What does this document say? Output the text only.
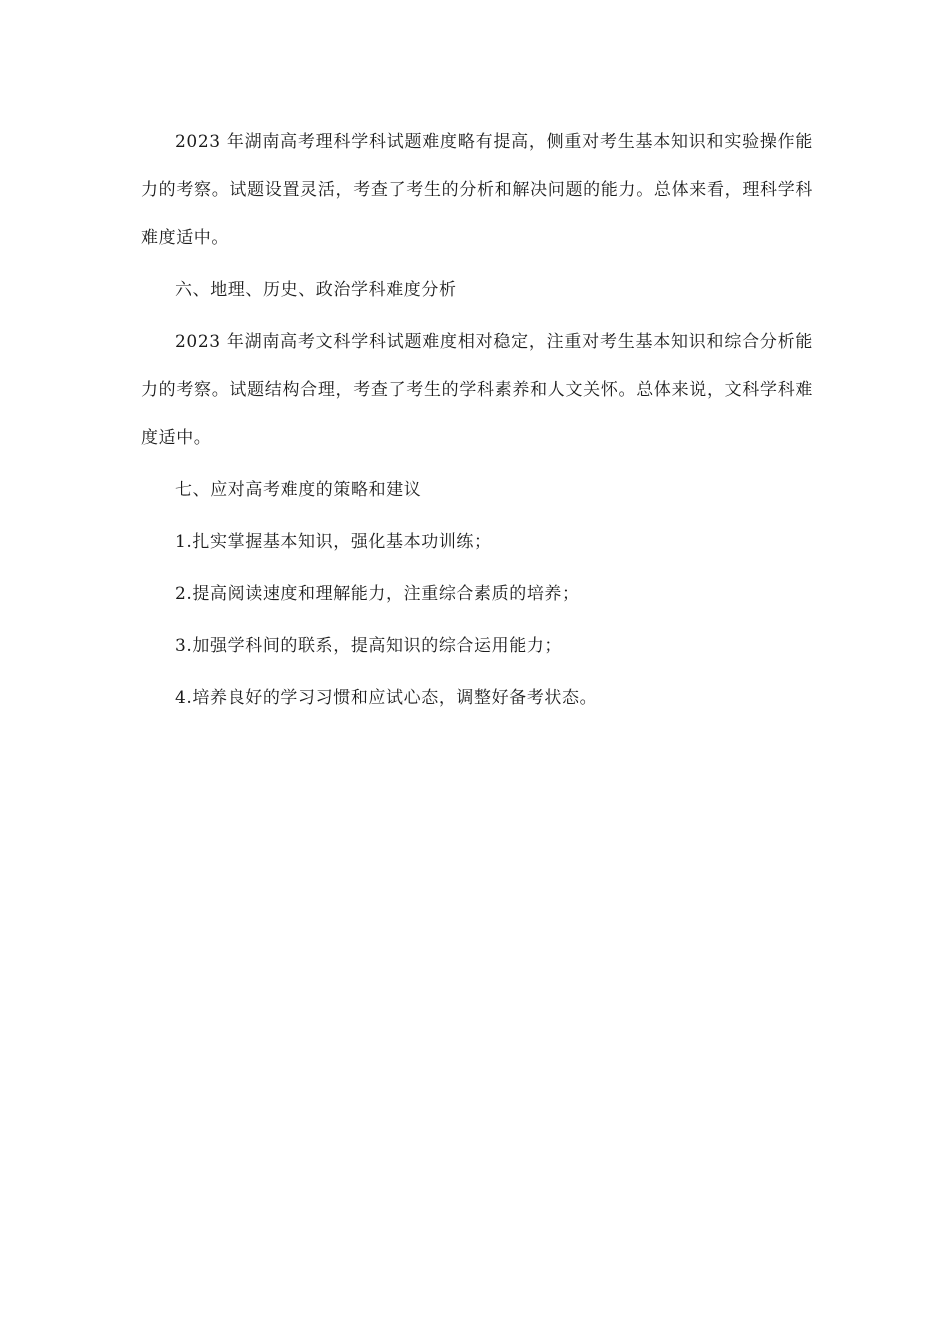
2023 年湖南高考理科学科试题难度略有提高，侧重对考生基本知识和实验操作能力的考察。试题设置灵活，考查了考生的分析和解决问题的能力。总体来看，理科学科难度适中。

六、地理、历史、政治学科难度分析

2023 年湖南高考文科学科试题难度相对稳定，注重对考生基本知识和综合分析能力的考察。试题结构合理，考查了考生的学科素养和人文关怀。总体来说，文科学科难度适中。

七、应对高考难度的策略和建议

1.扎实掌握基本知识，强化基本功训练；

2.提高阅读速度和理解能力，注重综合素质的培养；

3.加强学科间的联系，提高知识的综合运用能力；

4.培养良好的学习习惯和应试心态，调整好备考状态。
